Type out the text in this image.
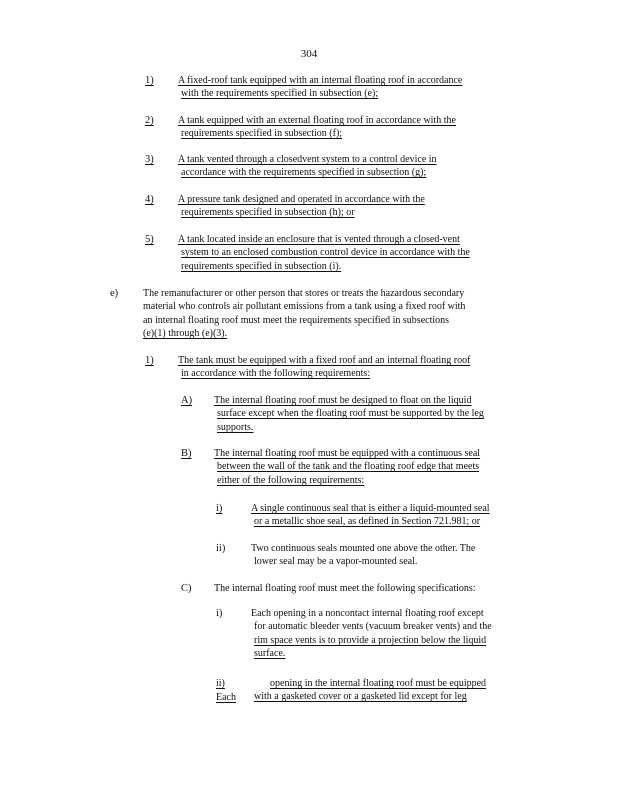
304
1) A fixed-roof tank equipped with an internal floating roof in accordance
with the requirements specified in subsection (e);
2) A tank equipped with an external floating roof in accordance with the
requirements specified in subsection (f);
3) A tank vented through a closedvent system to a control device in
accordance with the requirements specified in subsection (g);
4) A pressure tank designed and operated in accordance with the
requirements specified in subsection (h); or
5) A tank located inside an enclosure that is vented through a closed-vent
system to an enclosed combustion control device in accordance with the
requirements specified in subsection (i).
e) The remanufacturer or other person that stores or treats the hazardous secondary
material who controls air pollutant emissions from a tank using a fixed roof with
an internal floating roof must meet the requirements specified in subsections
(e)(1) through (e)(3).
1) The tank must be equipped with a fixed roof and an internal floating roof
in accordance with the following requirements:
A) The internal floating roof must be designed to float on the liquid
surface except when the floating roof must be supported by the leg
supports.
B) The internal floating roof must be equipped with a continuous seal
between the wall of the tank and the floating roof edge that meets
either of the following requirements:
i)	A single continuous seal that is either a liquid-mounted seal
or a metallic shoe seal, as defined in Section 721.981; or
ii)	Two continuous seals mounted one above the other. The
lower seal may be a vapor-mounted seal.
C) The internal floating roof must meet the following specifications:
i)	Each opening in a noncontact internal floating roof except
for automatic bleeder vents (vacuum breaker vents) and the
rim space vents is to provide a projection below the liquid
surface.
ii) Each
opening in the internal floating roof must be equipped
with a gasketed cover or a gasketed lid except for leg
